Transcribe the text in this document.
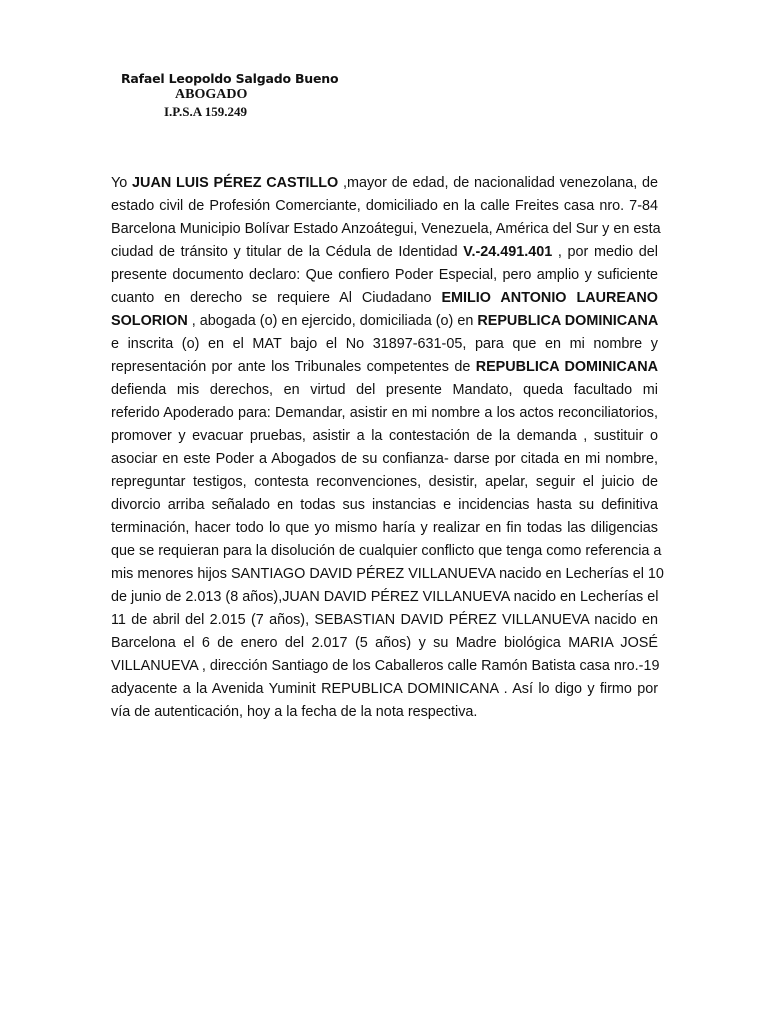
Rafael Leopoldo Salgado Bueno
ABOGADO
I.P.S.A 159.249
Yo JUAN LUIS PÉREZ CASTILLO ,mayor de edad, de nacionalidad venezolana, de
estado civil de Profesión Comerciante, domiciliado en la calle Freites casa nro. 7-84
Barcelona Municipio Bolívar Estado Anzoátegui, Venezuela, América del Sur y en esta
ciudad de tránsito y titular de la Cédula de Identidad V.-24.491.401 , por medio del
presente documento declaro: Que confiero Poder Especial, pero amplio y suficiente
cuanto en derecho se requiere Al Ciudadano EMILIO ANTONIO LAUREANO
SOLORION , abogada (o) en ejercido, domiciliada (o) en REPUBLICA DOMINICANA
e inscrita (o) en el MAT bajo el No 31897-631-05, para que en mi nombre y
representación por ante los Tribunales competentes de REPUBLICA DOMINICANA
defienda mis derechos, en virtud del presente Mandato, queda facultado mi
referido Apoderado para: Demandar, asistir en mi nombre a los actos reconciliatorios,
promover y evacuar pruebas, asistir a la contestación de la demanda , sustituir o
asociar en este Poder a Abogados de su confianza- darse por citada en mi nombre,
repreguntar testigos, contesta reconvenciones, desistir, apelar, seguir el juicio de
divorcio arriba señalado en todas sus instancias e incidencias hasta su definitiva
terminación, hacer todo lo que yo mismo haría y realizar en fin todas las diligencias
que se requieran para la disolución de cualquier conflicto que tenga como referencia a
mis menores hijos SANTIAGO DAVID PÉREZ VILLANUEVA nacido en Lecherías el 10
de junio de 2.013 (8 años),JUAN DAVID PÉREZ VILLANUEVA nacido en Lecherías el
11 de abril del 2.015 (7 años), SEBASTIAN DAVID PÉREZ VILLANUEVA nacido en
Barcelona el 6 de enero del 2.017 (5 años) y su Madre biológica MARIA JOSÉ
VILLANUEVA , dirección Santiago de los Caballeros calle Ramón Batista casa nro.-19
adyacente a la Avenida Yuminit REPUBLICA DOMINICANA . Así lo digo y firmo por
vía de autenticación, hoy a la fecha de la nota respectiva.
